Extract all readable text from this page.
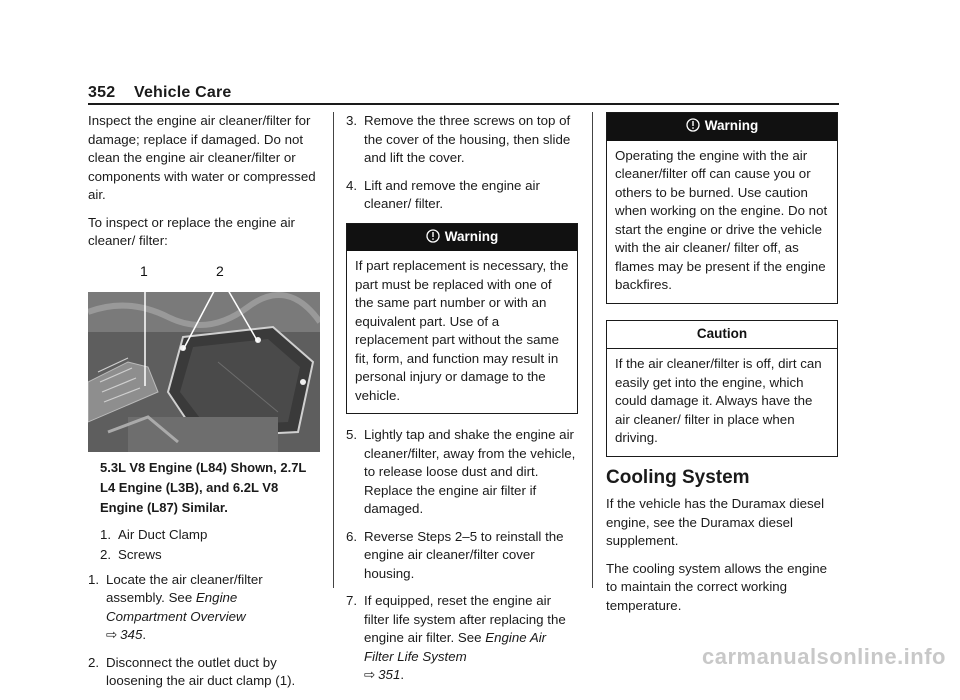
352 Vehicle Care

Inspect the engine air cleaner/filter for damage; replace if damaged. Do not clean the engine air cleaner/filter or components with water or compressed air.

To inspect or replace the engine air cleaner/ filter:

1	2
5.3L V8 Engine (L84) Shown, 2.7L L4 Engine (L3B), and 6.2L V8 Engine (L87) Similar.
1. Air Duct Clamp
2. Screws
1. Locate the air cleaner/filter assembly. See Engine Compartment Overview
⇨ 345.
2. Disconnect the outlet duct by loosening the air duct clamp (1).
3. Remove the three screws on top of the cover of the housing, then slide and lift the cover.
4. Lift and remove the engine air cleaner/ filter.
Warning
If part replacement is necessary, the part must be replaced with one of the same part number or with an equivalent part. Use of a replacement part without the same fit, form, and function may result in personal injury or damage to the vehicle.
5. Lightly tap and shake the engine air cleaner/filter, away from the vehicle, to release loose dust and dirt. Replace the engine air filter if damaged.
6. Reverse Steps 2–5 to reinstall the engine air cleaner/filter cover housing.
7. If equipped, reset the engine air filter life system after replacing the engine air filter. See Engine Air Filter Life System
⇨ 351.
Warning
Operating the engine with the air cleaner/filter off can cause you or others to be burned. Use caution when working on the engine. Do not start the engine or drive the vehicle with the air cleaner/ filter off, as flames may be present if the engine backfires.
Caution
If the air cleaner/filter is off, dirt can easily get into the engine, which could damage it. Always have the air cleaner/ filter in place when driving.
Cooling System

If the vehicle has the Duramax diesel engine, see the Duramax diesel supplement.

The cooling system allows the engine to maintain the correct working temperature.

carmanualsonline.info
